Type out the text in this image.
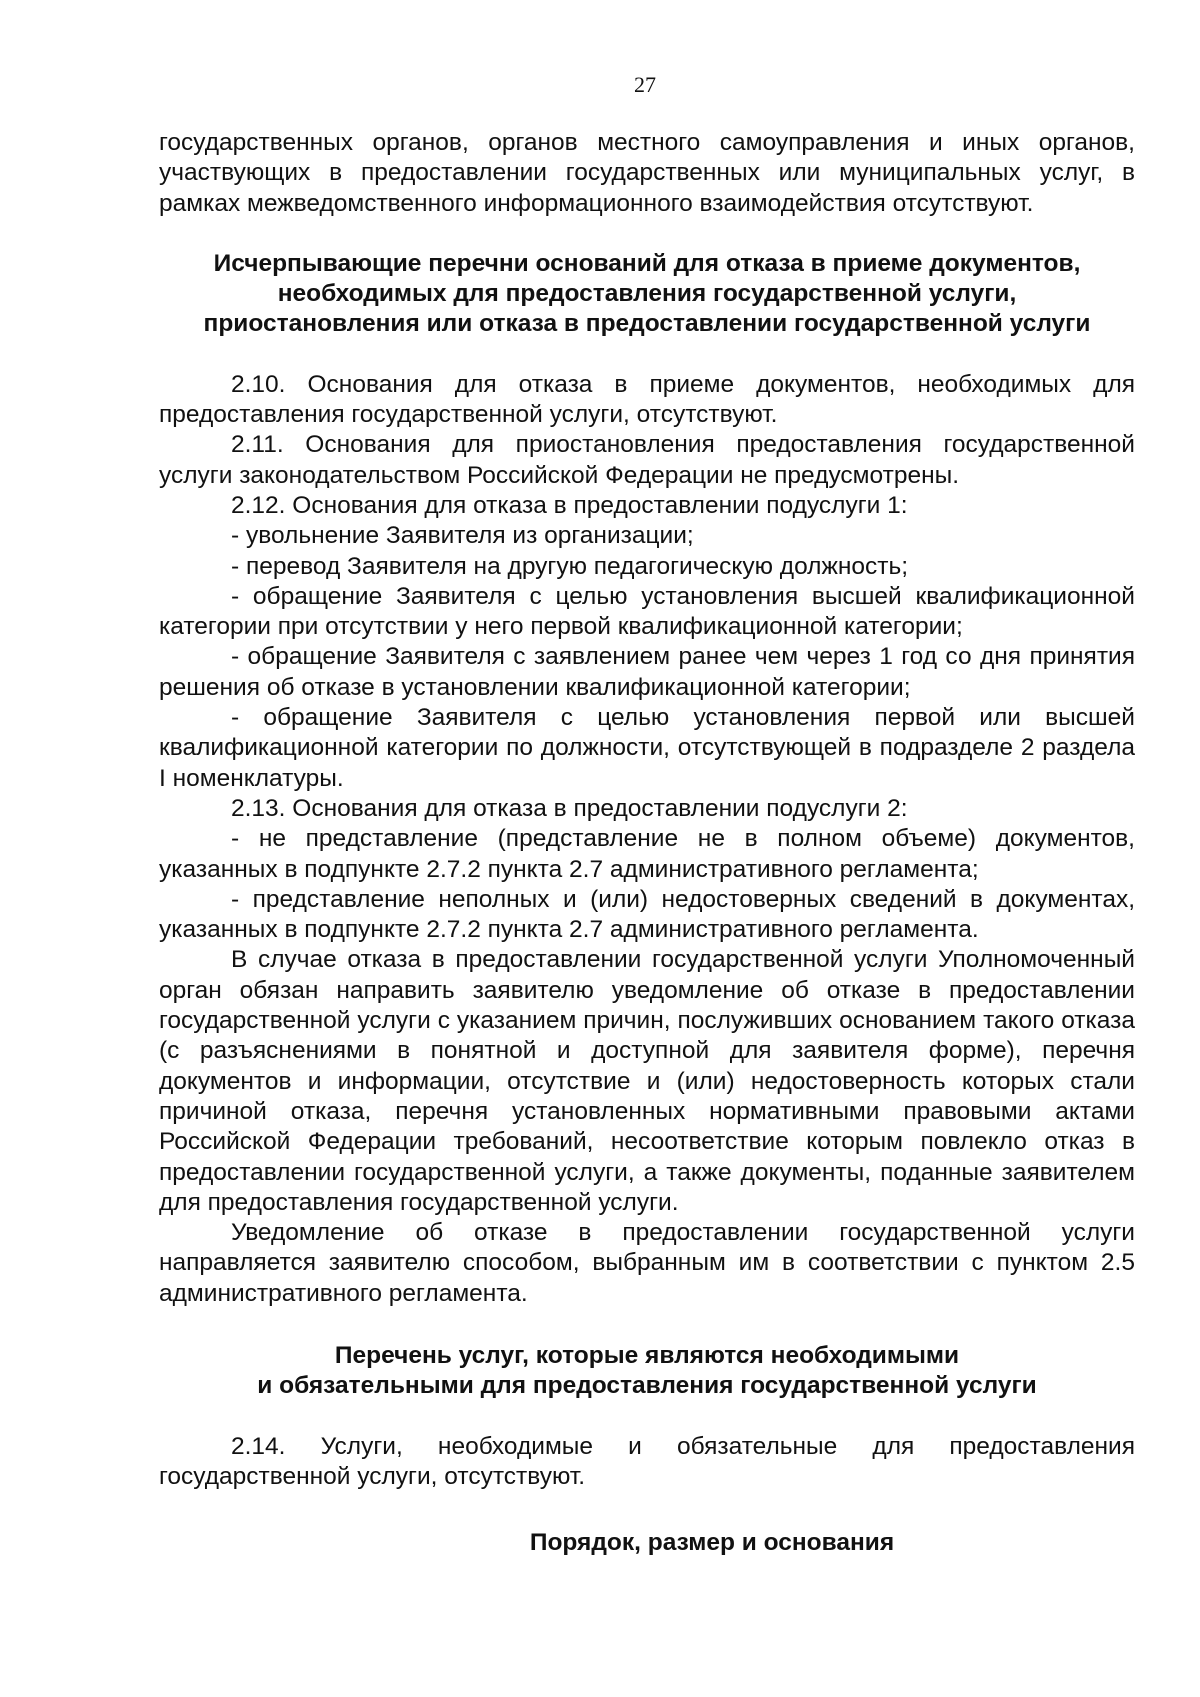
27

государственных органов, органов местного самоуправления и иных органов, участвующих в предоставлении государственных или муниципальных услуг, в рамках межведомственного информационного взаимодействия отсутствуют.

Исчерпывающие перечни оснований для отказа в приеме документов,
необходимых для предоставления государственной услуги,
приостановления или отказа в предоставлении государственной услуги

2.10. Основания для отказа в приеме документов, необходимых для предоставления государственной услуги, отсутствуют.

2.11. Основания для приостановления предоставления государственной услуги законодательством Российской Федерации не предусмотрены.

2.12. Основания для отказа в предоставлении подуслуги 1:

- увольнение Заявителя из организации;

- перевод Заявителя на другую педагогическую должность;

- обращение Заявителя с целью установления высшей квалификационной категории при отсутствии у него первой квалификационной категории;

- обращение Заявителя с заявлением ранее чем через 1 год со дня принятия решения об отказе в установлении квалификационной категории;

- обращение Заявителя с целью установления первой или высшей квалификационной категории по должности, отсутствующей в подразделе 2 раздела I номенклатуры.

2.13. Основания для отказа в предоставлении подуслуги 2:

- не представление (представление не в полном объеме) документов, указанных в подпункте 2.7.2 пункта 2.7 административного регламента;

- представление неполных и (или) недостоверных сведений в документах, указанных в подпункте 2.7.2 пункта 2.7 административного регламента.

В случае отказа в предоставлении государственной услуги Уполномоченный орган обязан направить заявителю уведомление об отказе в предоставлении государственной услуги с указанием причин, послуживших основанием такого отказа (с разъяснениями в понятной и доступной для заявителя форме), перечня документов и информации, отсутствие и (или) недостоверность которых стали причиной отказа, перечня установленных нормативными правовыми актами Российской Федерации требований, несоответствие которым повлекло отказ в предоставлении государственной услуги, а также документы, поданные заявителем для предоставления государственной услуги.

Уведомление об отказе в предоставлении государственной услуги направляется заявителю способом, выбранным им в соответствии с пунктом 2.5 административного регламента.

Перечень услуг, которые являются необходимыми
и обязательными для предоставления государственной услуги

2.14. Услуги, необходимые и обязательные для предоставления государственной услуги, отсутствуют.

Порядок, размер и основания
